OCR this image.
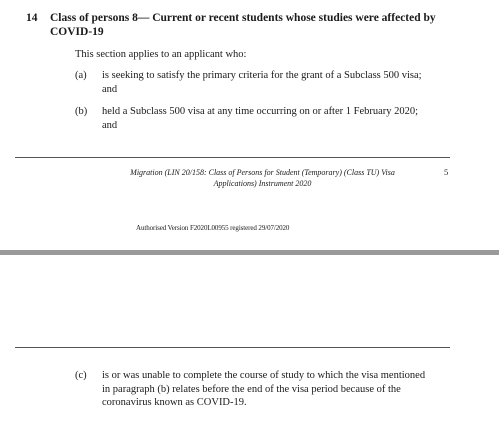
14 Class of persons 8— Current or recent students whose studies were affected by
COVID-19
This section applies to an applicant who:
(a) is seeking to satisfy the primary criteria for the grant of a Subclass 500 visa;
and
(b) held a Subclass 500 visa at any time occurring on or after 1 February 2020;
and
Migration (LIN 20/158: Class of Persons for Student (Temporary) (Class TU) Visa
Applications) Instrument 2020
5
Authorised Version F2020L00955 registered 29/07/2020
(c) is or was unable to complete the course of study to which the visa mentioned
in paragraph (b) relates before the end of the visa period because of the
coronavirus known as COVID-19.
